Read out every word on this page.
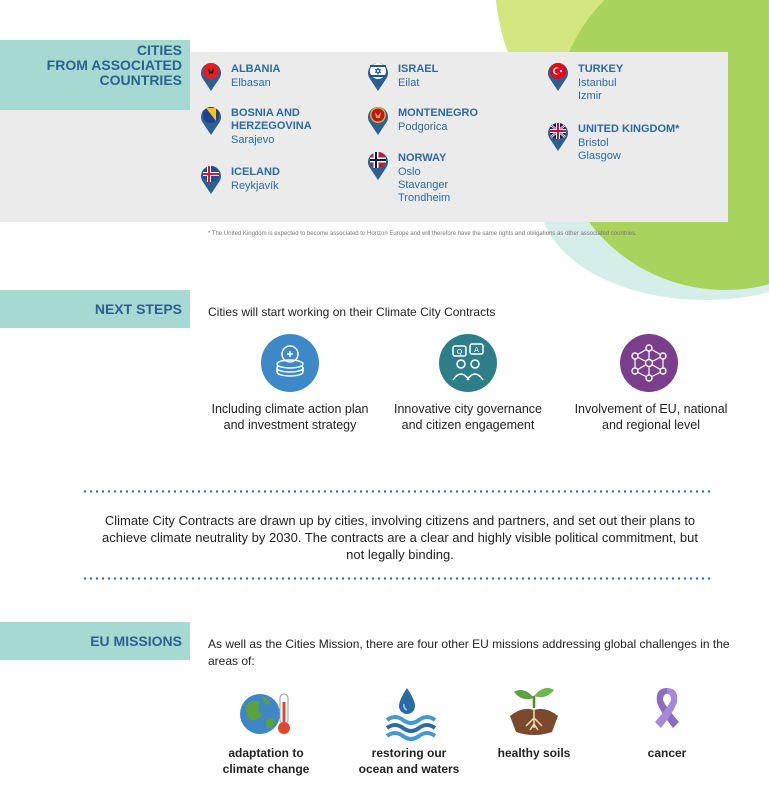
CITIES
FROM ASSOCIATED
COUNTRIES
ALBANIA
Elbasan
BOSNIA AND
HERZEGOVINA
Sarajevo
ICELAND
Reykjavík
ISRAEL
Eilat
MONTENEGRO
Podgorica
NORWAY
Oslo
Stavanger
Trondheim
TURKEY
Istanbul
Izmir
UNITED KINGDOM*
Bristol
Glasgow
* The United Kingdom is expected to become associated to Horizon Europe and will therefore have the same rights and obligations as other associated countries.
NEXT STEPS	Cities will start working on their Climate City Contracts
Q A
Including climate action plan and investment strategy
Innovative city governance and citizen engagement
Involvement of EU, national and regional level
Climate City Contracts are drawn up by cities, involving citizens and partners, and set out their plans to achieve climate neutrality by 2030. The contracts are a clear and highly visible political commitment, but not legally binding.
EU MISSIONS	As well as the Cities Mission, there are four other EU missions addressing global challenges in the areas of:
adaptation to
climate change
restoring our
ocean and waters
healthy soils	cancer
